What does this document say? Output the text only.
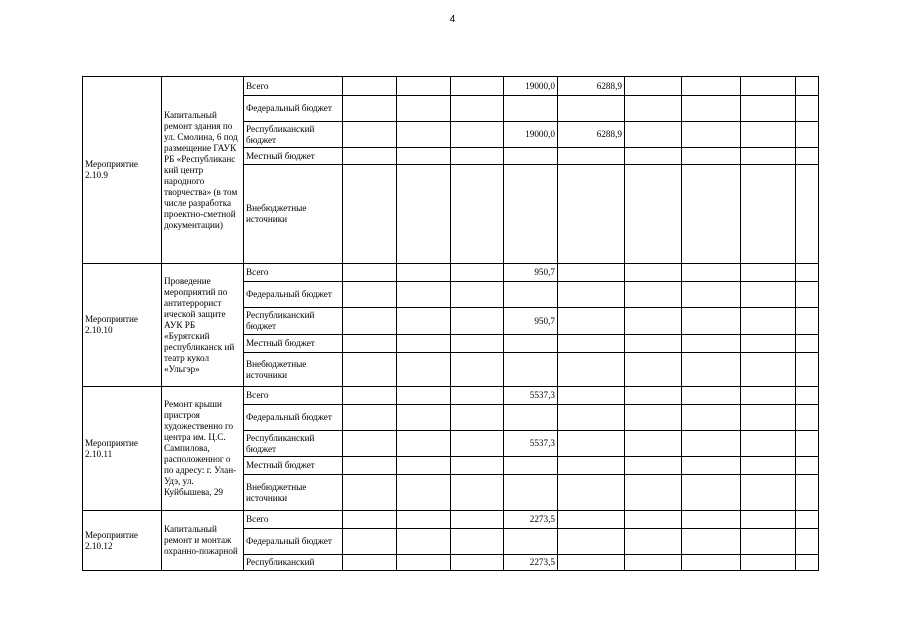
4
Мероприятие 2.10.9	Капитальный ремонт здания по ул. Смолина, 6 под размещение ГАУК РБ «Республиканс кий центр народного творчества» (в том числе разработка проектно-сметной документации)	Всего				19000,0	6288,9				
		Федеральный бюджет									
		Республиканский бюджет				19000,0	6288,9				
		Местный бюджет									
		Внебюджетные источники									
Мероприятие 2.10.10	Проведение мероприятий по антитеррорист ической защите АУК РБ «Бурятский республиканск ий театр кукол «Ульгэр»	Всего				950,7					
		Федеральный бюджет									
		Республиканский бюджет				950,7					
		Местный бюджет									
		Внебюджетные источники									
Мероприятие 2.10.11	Ремонт крыши пристроя художественно го центра им. Ц.С. Сампилова, расположенног о по адресу: г. Улан-Удэ, ул. Куйбышева, 29	Всего				5537,3					
		Федеральный бюджет									
		Республиканский бюджет				5537,3					
		Местный бюджет									
		Внебюджетные источники									
Мероприятие 2.10.12	Капитальный ремонт и монтаж охранно-пожарной	Всего				2273,5					
		Федеральный бюджет									
		Республиканский				2273,5					
